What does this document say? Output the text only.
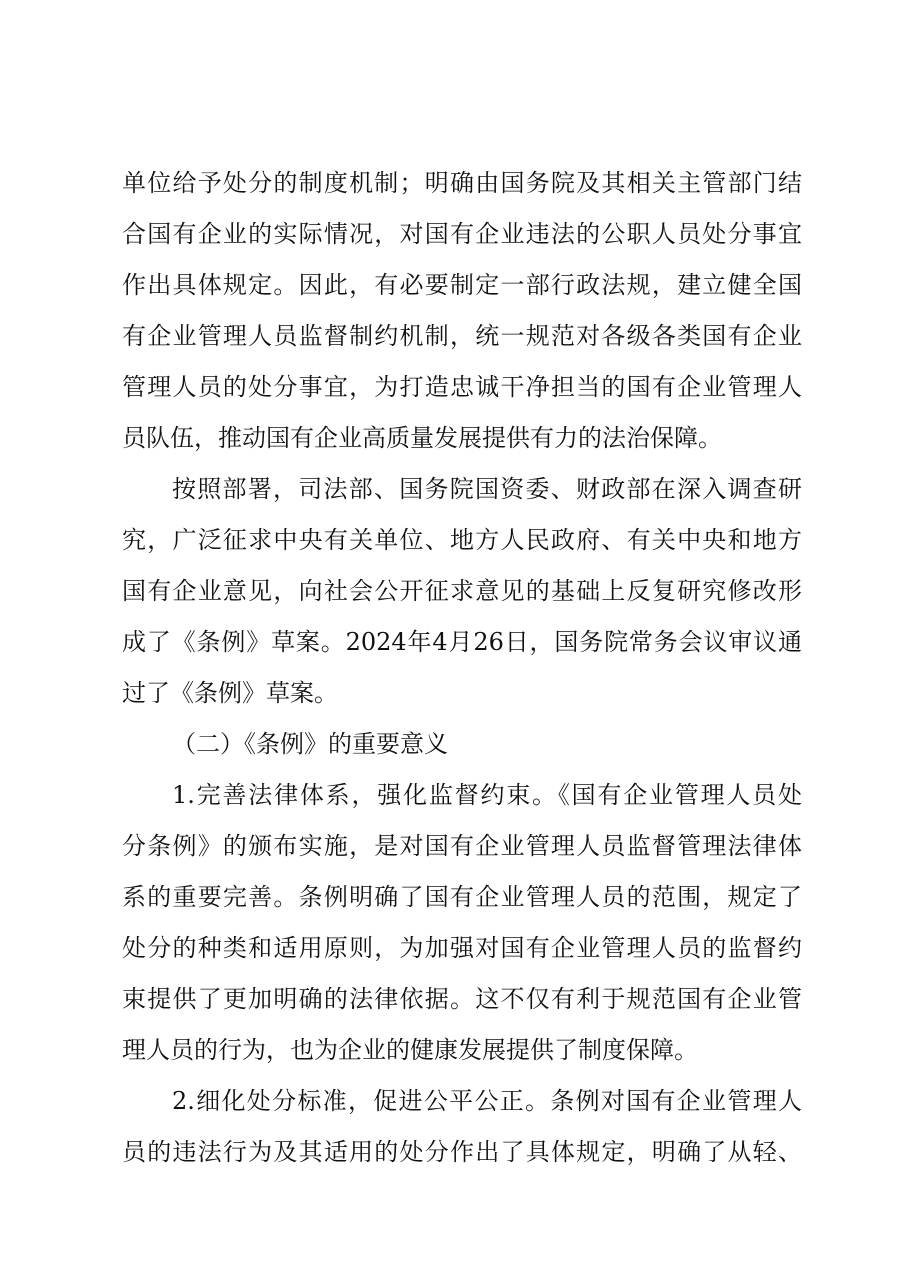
单位给予处分的制度机制；明确由国务院及其相关主管部门结
合国有企业的实际情况，对国有企业违法的公职人员处分事宜
作出具体规定。因此，有必要制定一部行政法规，建立健全国
有企业管理人员监督制约机制，统一规范对各级各类国有企业
管理人员的处分事宜，为打造忠诚干净担当的国有企业管理人
员队伍，推动国有企业高质量发展提供有力的法治保障。
按照部署，司法部、国务院国资委、财政部在深入调查研
究，广泛征求中央有关单位、地方人民政府、有关中央和地方
国有企业意见，向社会公开征求意见的基础上反复研究修改形
成了《条例》草案。2024年4月26日，国务院常务会议审议通
过了《条例》草案。
（二）《条例》的重要意义
1.完善法律体系，强化监督约束。《国有企业管理人员处
分条例》的颁布实施，是对国有企业管理人员监督管理法律体
系的重要完善。条例明确了国有企业管理人员的范围，规定了
处分的种类和适用原则，为加强对国有企业管理人员的监督约
束提供了更加明确的法律依据。这不仅有利于规范国有企业管
理人员的行为，也为企业的健康发展提供了制度保障。
2.细化处分标准，促进公平公正。条例对国有企业管理人
员的违法行为及其适用的处分作出了具体规定，明确了从轻、
